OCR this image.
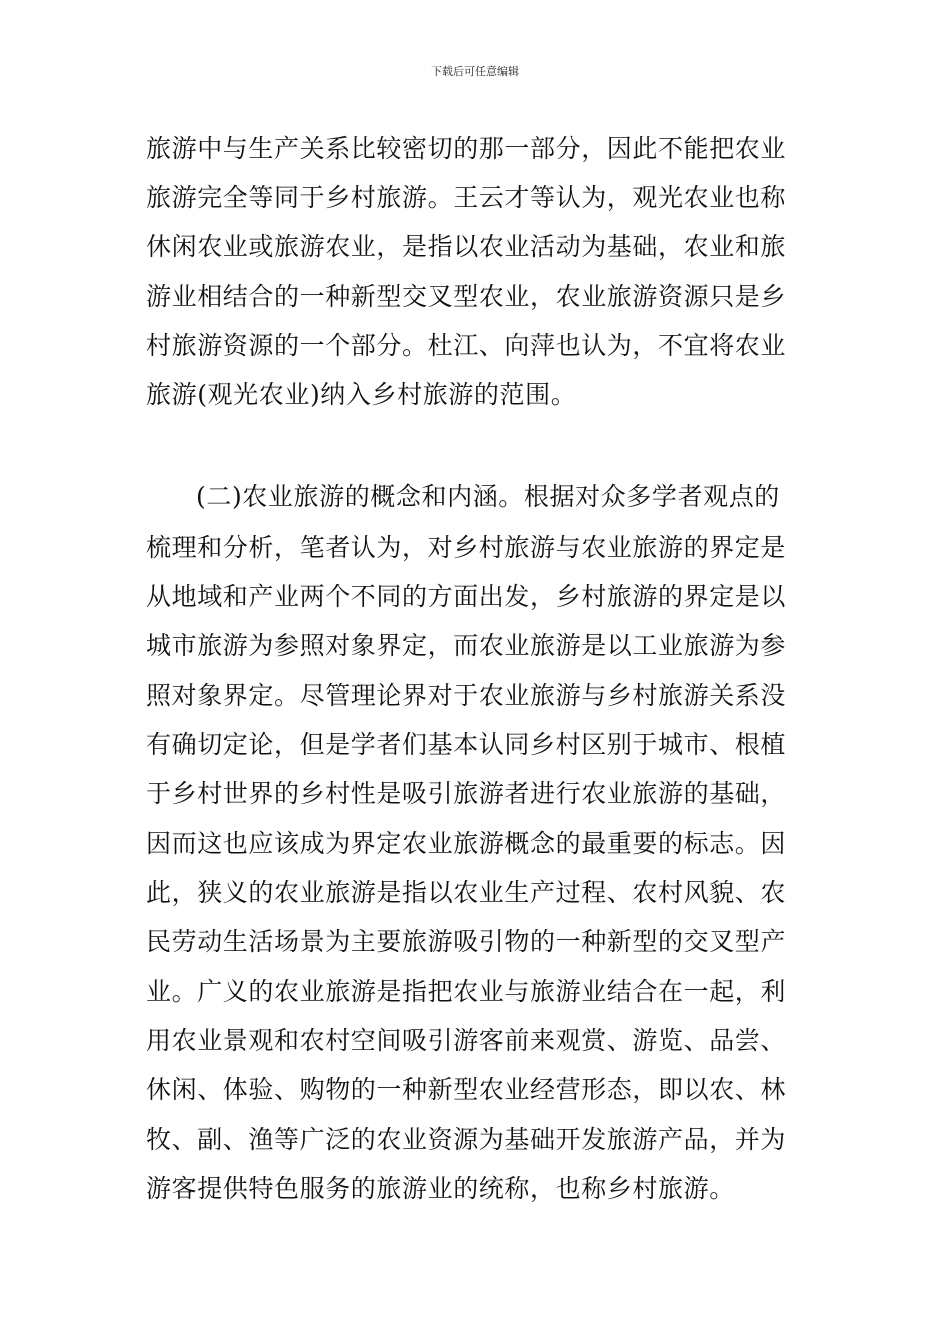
下载后可任意编辑
旅游中与生产关系比较密切的那一部分，因此不能把农业
旅游完全等同于乡村旅游。王云才等认为，观光农业也称
休闲农业或旅游农业，是指以农业活动为基础，农业和旅
游业相结合的一种新型交叉型农业，农业旅游资源只是乡
村旅游资源的一个部分。杜江、向萍也认为，不宜将农业
旅游(观光农业)纳入乡村旅游的范围。
(二)农业旅游的概念和内涵。根据对众多学者观点的
梳理和分析，笔者认为，对乡村旅游与农业旅游的界定是
从地域和产业两个不同的方面出发，乡村旅游的界定是以
城市旅游为参照对象界定，而农业旅游是以工业旅游为参
照对象界定。尽管理论界对于农业旅游与乡村旅游关系没
有确切定论，但是学者们基本认同乡村区别于城市、根植
于乡村世界的乡村性是吸引旅游者进行农业旅游的基础，
因而这也应该成为界定农业旅游概念的最重要的标志。因
此，狭义的农业旅游是指以农业生产过程、农村风貌、农
民劳动生活场景为主要旅游吸引物的一种新型的交叉型产
业。广义的农业旅游是指把农业与旅游业结合在一起，利
用农业景观和农村空间吸引游客前来观赏、游览、品尝、
休闲、体验、购物的一种新型农业经营形态，即以农、林
牧、副、渔等广泛的农业资源为基础开发旅游产品，并为
游客提供特色服务的旅游业的统称，也称乡村旅游。
